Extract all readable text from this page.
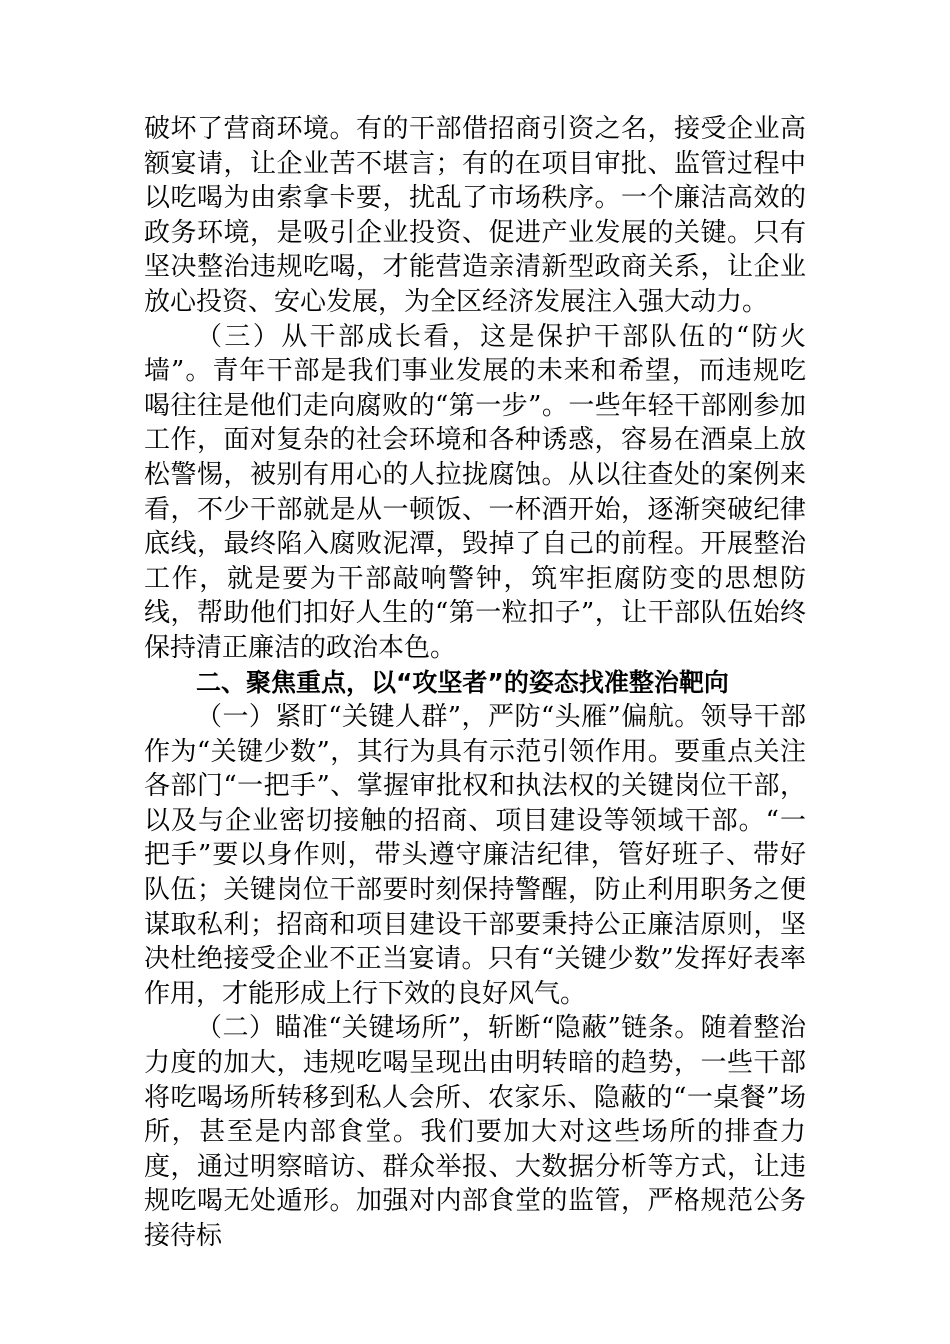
破坏了营商环境。有的干部借招商引资之名，接受企业高额宴请，让企业苦不堪言；有的在项目审批、监管过程中以吃喝为由索拿卡要，扰乱了市场秩序。一个廉洁高效的政务环境，是吸引企业投资、促进产业发展的关键。只有坚决整治违规吃喝，才能营造亲清新型政商关系，让企业放心投资、安心发展，为全区经济发展注入强大动力。

（三）从干部成长看，这是保护干部队伍的“防火墙”。青年干部是我们事业发展的未来和希望，而违规吃喝往往是他们走向腐败的“第一步”。一些年轻干部刚参加工作，面对复杂的社会环境和各种诱惑，容易在酒桌上放松警惕，被别有用心的人拉拢腐蚀。从以往查处的案例来看，不少干部就是从一顿饭、一杯酒开始，逐渐突破纪律底线，最终陷入腐败泥潭，毁掉了自己的前程。开展整治工作，就是要为干部敲响警钟，筑牢拒腐防变的思想防线，帮助他们扣好人生的“第一粒扣子”，让干部队伍始终保持清正廉洁的政治本色。

二、聚焦重点，以“攻坚者”的姿态找准整治靶向

（一）紧盯“关键人群”，严防“头雁”偏航。领导干部作为“关键少数”，其行为具有示范引领作用。要重点关注各部门“一把手”、掌握审批权和执法权的关键岗位干部，以及与企业密切接触的招商、项目建设等领域干部。“一把手”要以身作则，带头遵守廉洁纪律，管好班子、带好队伍；关键岗位干部要时刻保持警醒，防止利用职务之便谋取私利；招商和项目建设干部要秉持公正廉洁原则，坚决杜绝接受企业不正当宴请。只有“关键少数”发挥好表率作用，才能形成上行下效的良好风气。

（二）瞄准“关键场所”，斩断“隐蔽”链条。随着整治力度的加大，违规吃喝呈现出由明转暗的趋势，一些干部将吃喝场所转移到私人会所、农家乐、隐蔽的“一桌餐”场所，甚至是内部食堂。我们要加大对这些场所的排查力度，通过明察暗访、群众举报、大数据分析等方式，让违规吃喝无处遁形。加强对内部食堂的监管，严格规范公务接待标
